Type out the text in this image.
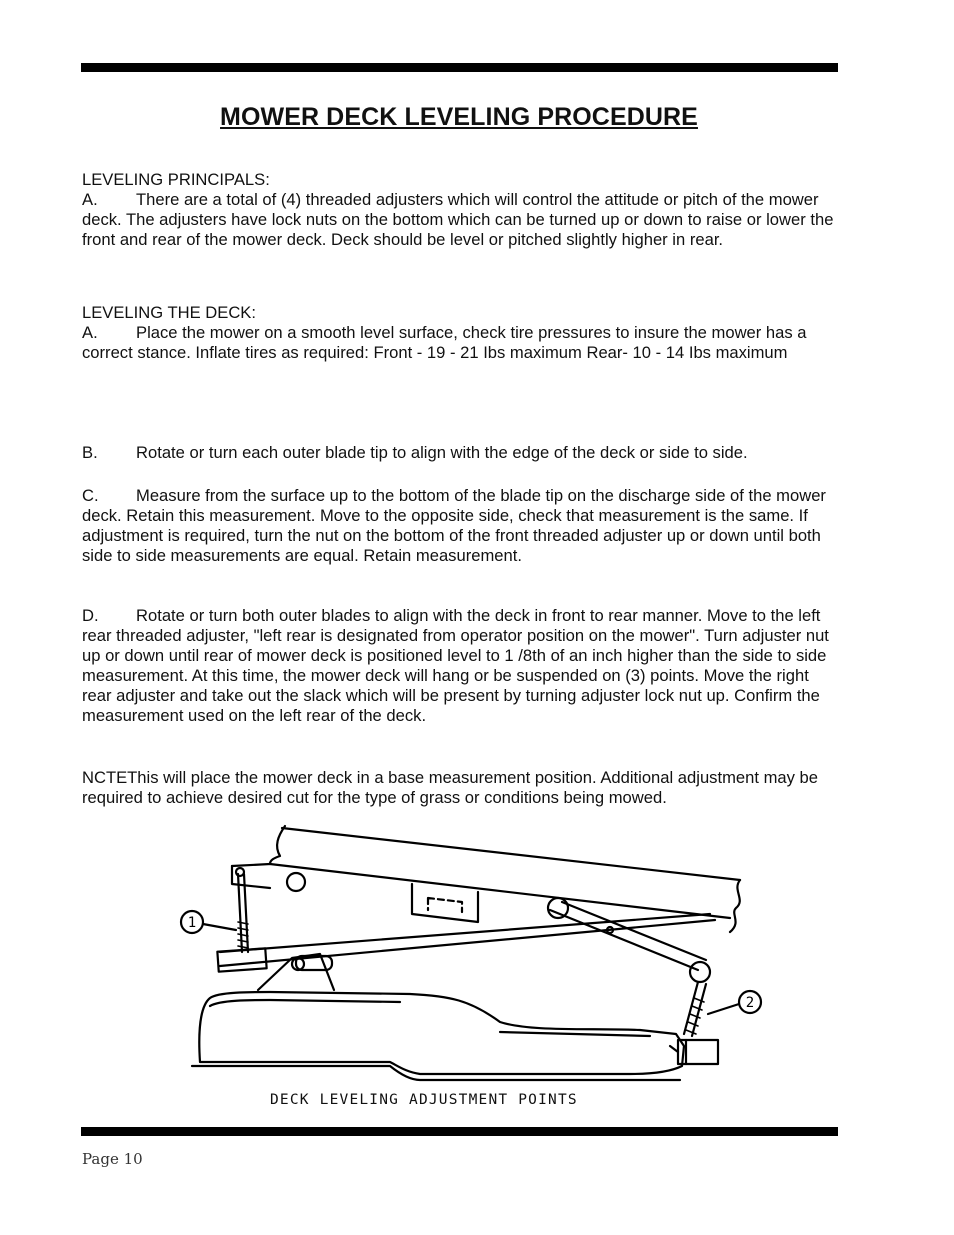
MOWER DECK LEVELING PROCEDURE

LEVELING PRINCIPALS:

A. There are a total of (4) threaded adjusters which will control the attitude or pitch of the mower deck. The adjusters have lock nuts on the bottom which can be turned up or down to raise or lower the front and rear of the mower deck. Deck should be level or pitched slightly higher in rear.

LEVELING THE DECK:

A. Place the mower on a smooth level surface, check tire pressures to insure the mower has a correct stance. Inflate tires as required: Front - 19 - 21 Ibs maximum Rear- 10 - 14 Ibs maximum

B. Rotate or turn each outer blade tip to align with the edge of the deck or side to side.

C. Measure from the surface up to the bottom of the blade tip on the discharge side of the mower deck. Retain this measurement. Move to the opposite side, check that measurement is the same. If adjustment is required, turn the nut on the bottom of the front threaded adjuster up or down until both side to side measurements are equal. Retain measurement.

D. Rotate or turn both outer blades to align with the deck in front to rear manner. Move to the left rear threaded adjuster, "left rear is designated from operator position on the mower". Turn adjuster nut up or down until rear of mower deck is positioned level to 1 /8th of an inch higher than the side to side measurement. At this time, the mower deck will hang or be suspended on (3) points. Move the right rear adjuster and take out the slack which will be present by turning adjuster lock nut up. Confirm the measurement used on the left rear of the deck.

NCTEThis will place the mower deck in a base measurement position. Additional adjustment may be required to achieve desired cut for the type of grass or conditions being mowed.
1
2
DECK LEVELING ADJUSTMENT POINTS
Page 10
